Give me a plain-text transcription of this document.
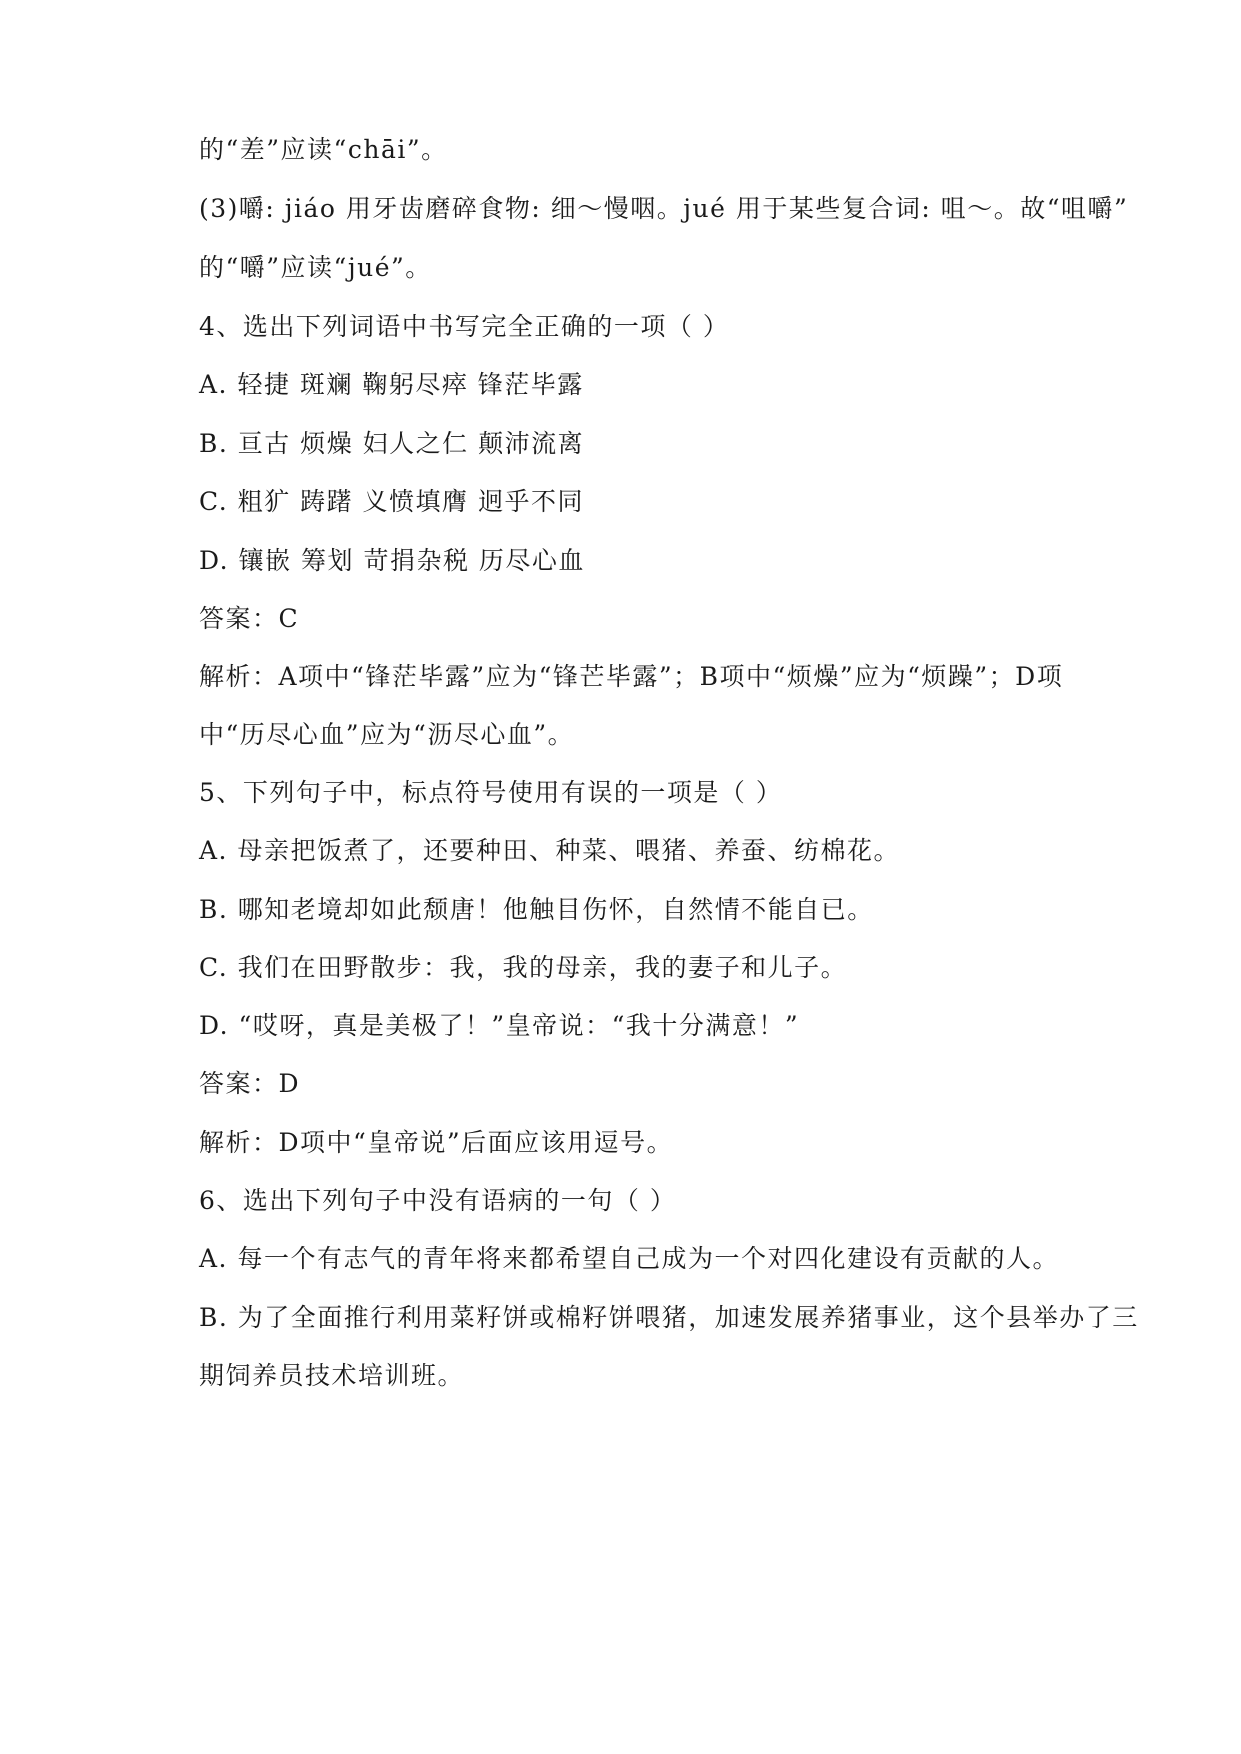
的“差”应读“chāi”。

(3)嚼: jiáo 用牙齿磨碎食物: 细～慢咽。jué 用于某些复合词: 咀～。故“咀嚼”

的“嚼”应读“jué”。

4、选出下列词语中书写完全正确的一项（ ）

A. 轻捷 斑斓 鞠躬尽瘁 锋茫毕露

B. 亘古 烦燥 妇人之仁 颠沛流离

C. 粗犷 踌躇 义愤填膺 迥乎不同

D. 镶嵌 筹划 苛捐杂税 历尽心血

答案：C

解析：A项中“锋茫毕露”应为“锋芒毕露”；B项中“烦燥”应为“烦躁”；D项

中“历尽心血”应为“沥尽心血”。

5、下列句子中，标点符号使用有误的一项是（ ）

A. 母亲把饭煮了，还要种田、种菜、喂猪、养蚕、纺棉花。

B. 哪知老境却如此颓唐！他触目伤怀，自然情不能自已。

C. 我们在田野散步：我，我的母亲，我的妻子和儿子。

D. “哎呀，真是美极了！”皇帝说：“我十分满意！”

答案：D

解析：D项中“皇帝说”后面应该用逗号。

6、选出下列句子中没有语病的一句（ ）

A. 每一个有志气的青年将来都希望自己成为一个对四化建设有贡献的人。

B. 为了全面推行利用菜籽饼或棉籽饼喂猪，加速发展养猪事业，这个县举办了三

期饲养员技术培训班。
